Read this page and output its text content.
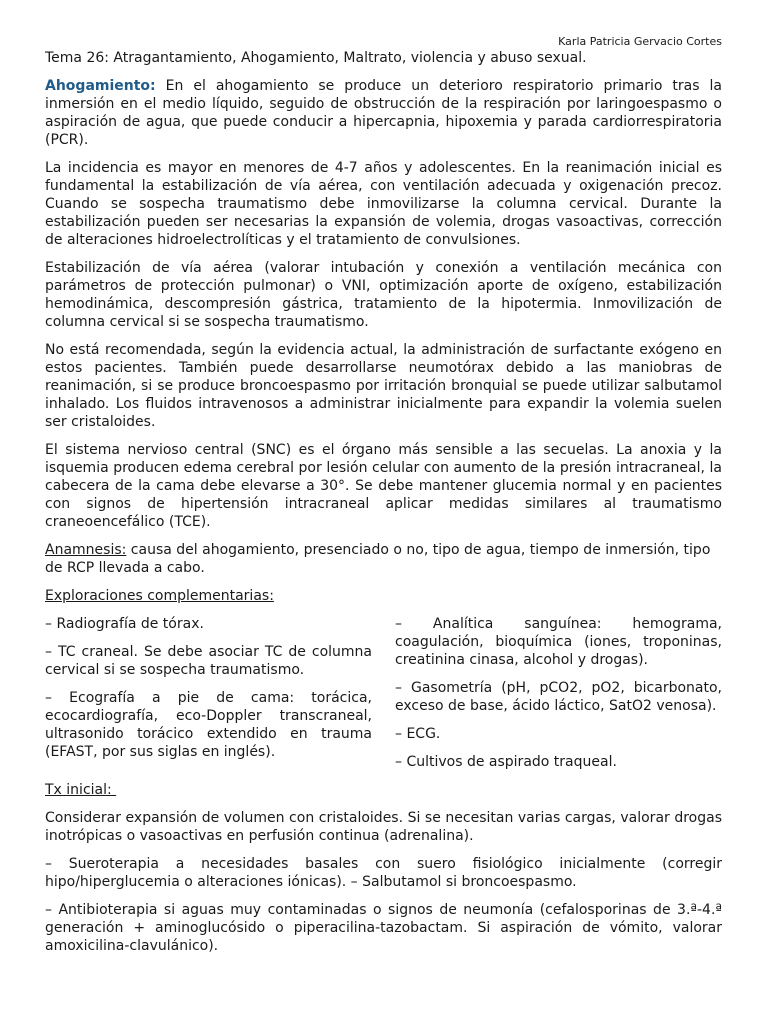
Karla Patricia Gervacio Cortes

Tema 26: Atragantamiento, Ahogamiento, Maltrato, violencia y abuso sexual.

Ahogamiento: En el ahogamiento se produce un deterioro respiratorio primario tras la inmersión en el medio líquido, seguido de obstrucción de la respiración por laringoespasmo o aspiración de agua, que puede conducir a hipercapnia, hipoxemia y parada cardiorrespiratoria (PCR).

La incidencia es mayor en menores de 4-7 años y adolescentes. En la reanimación inicial es fundamental la estabilización de vía aérea, con ventilación adecuada y oxigenación precoz. Cuando se sospecha traumatismo debe inmovilizarse la columna cervical. Durante la estabilización pueden ser necesarias la expansión de volemia, drogas vasoactivas, corrección de alteraciones hidroelectrolíticas y el tratamiento de convulsiones.

Estabilización de vía aérea (valorar intubación y conexión a ventilación mecánica con parámetros de protección pulmonar) o VNI, optimización aporte de oxígeno, estabilización hemodinámica, descompresión gástrica, tratamiento de la hipotermia. Inmovilización de columna cervical si se sospecha traumatismo.

No está recomendada, según la evidencia actual, la administración de surfactante exógeno en estos pacientes. También puede desarrollarse neumotórax debido a las maniobras de reanimación, si se produce broncoespasmo por irritación bronquial se puede utilizar salbutamol inhalado. Los fluidos intravenosos a administrar inicialmente para expandir la volemia suelen ser cristaloides.

El sistema nervioso central (SNC) es el órgano más sensible a las secuelas. La anoxia y la isquemia producen edema cerebral por lesión celular con aumento de la presión intracraneal, la cabecera de la cama debe elevarse a 30°. Se debe mantener glucemia normal y en pacientes con signos de hipertensión intracraneal aplicar medidas similares al traumatismo craneoencefálico (TCE).

Anamnesis: causa del ahogamiento, presenciado o no, tipo de agua, tiempo de inmersión, tipo de RCP llevada a cabo.

Exploraciones complementarias:

– Radiografía de tórax.

– TC craneal. Se debe asociar TC de columna cervical si se sospecha traumatismo.

– Ecografía a pie de cama: torácica, ecocardiografía, eco-Doppler transcraneal, ultrasonido torácico extendido en trauma (EFAST, por sus siglas en inglés).

– Analítica sanguínea: hemograma, coagulación, bioquímica (iones, troponinas, creatinina cinasa, alcohol y drogas).

– Gasometría (pH, pCO2, pO2, bicarbonato, exceso de base, ácido láctico, SatO2 venosa).

– ECG.

– Cultivos de aspirado traqueal.

Tx inicial:

Considerar expansión de volumen con cristaloides. Si se necesitan varias cargas, valorar drogas inotrópicas o vasoactivas en perfusión continua (adrenalina).

– Sueroterapia a necesidades basales con suero fisiológico inicialmente (corregir hipo/hiperglucemia o alteraciones iónicas). – Salbutamol si broncoespasmo.

– Antibioterapia si aguas muy contaminadas o signos de neumonía (cefalosporinas de 3.ª-4.ª generación + aminoglucósido o piperacilina-tazobactam. Si aspiración de vómito, valorar amoxicilina-clavulánico).
